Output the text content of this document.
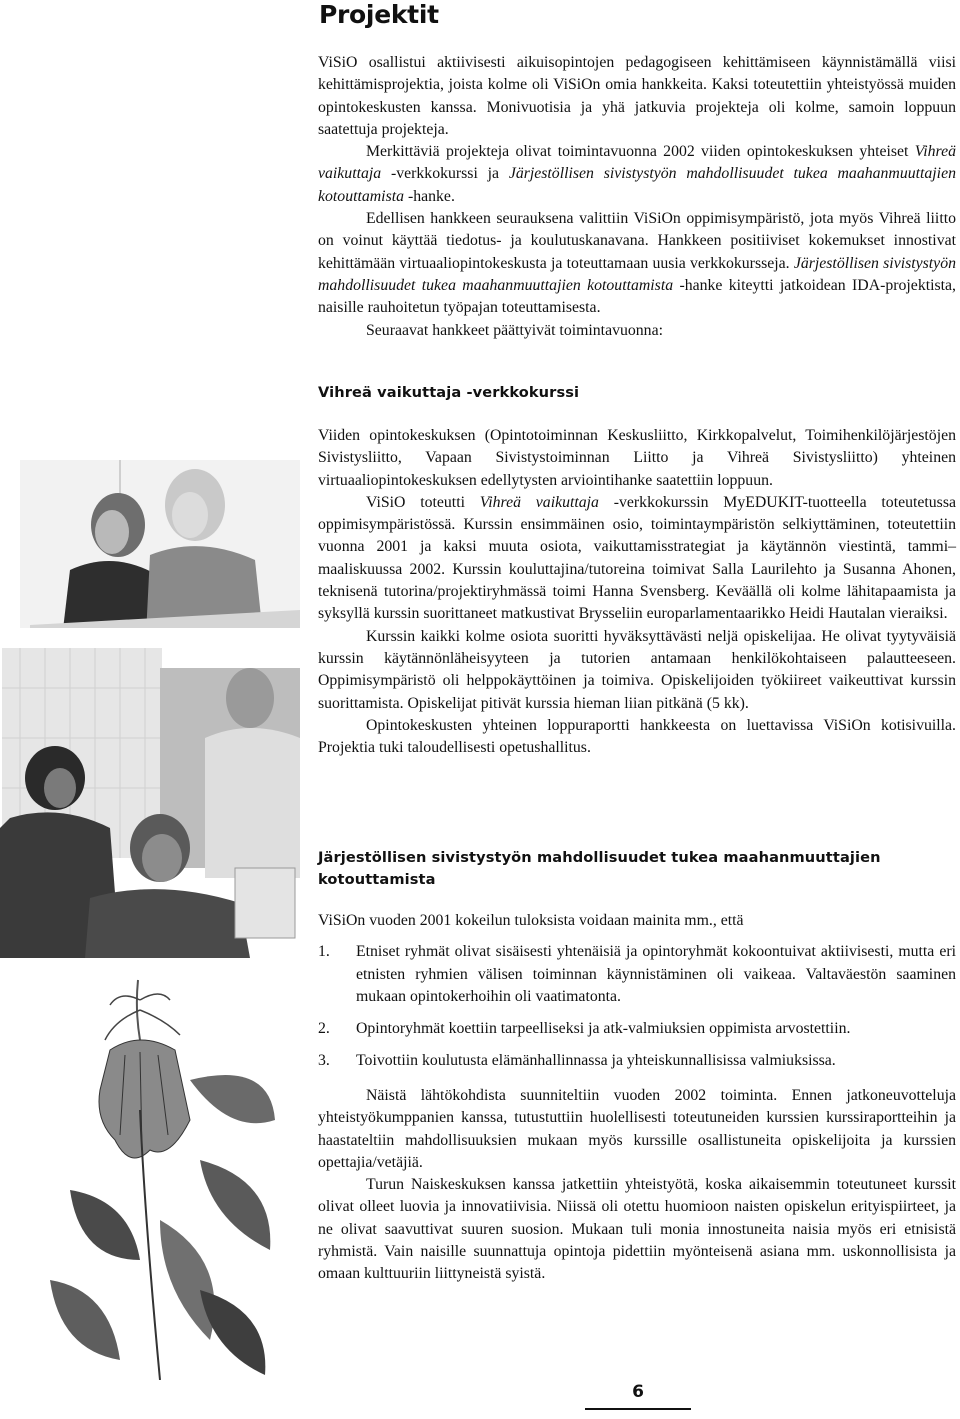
Projektit

ViSiO osallistui aktiivisesti aikuisopintojen pedagogiseen kehittämiseen käynnistämällä viisi kehittämisprojektia, joista kolme oli ViSiOn omia hankkeita. Kaksi toteutettiin yhteistyössä muiden opintokeskusten kanssa. Monivuotisia ja yhä jatkuvia projekteja oli kolme, samoin loppuun saatettuja projekteja.

Merkittäviä projekteja olivat toimintavuonna 2002 viiden opintokeskuksen yhteiset Vihreä vaikuttaja -verkkokurssi ja Järjestöllisen sivistystyön mahdollisuudet tukea maahanmuuttajien kotouttamista -hanke.

Edellisen hankkeen seurauksena valittiin ViSiOn oppimisympäristö, jota myös Vihreä liitto on voinut käyttää tiedotus- ja koulutuskanavana. Hankkeen positiiviset kokemukset innostivat kehittämään virtuaaliopintokeskusta ja toteuttamaan uusia verkkokursseja. Järjestöllisen sivistystyön mahdollisuudet tukea maahanmuuttajien kotouttamista -hanke kiteytti jatkoidean IDA-projektista, naisille rauhoitetun työpajan toteuttamisesta.

Seuraavat hankkeet päättyivät toimintavuonna:

Vihreä vaikuttaja -verkkokurssi

Viiden opintokeskuksen (Opintotoiminnan Keskusliitto, Kirkkopalvelut, Toimihenkilöjärjestöjen Sivistysliitto, Vapaan Sivistystoiminnan Liitto ja Vihreä Sivistysliitto) yhteinen virtuaaliopintokeskuksen edellytysten arviointihanke saatettiin loppuun.

ViSiO toteutti Vihreä vaikuttaja -verkkokurssin MyEDUKIT-tuotteella toteutetussa oppimisympäristössä. Kurssin ensimmäinen osio, toimintaympäristön selkiyttäminen, toteutettiin vuonna 2001 ja kaksi muuta osiota, vaikuttamisstrategiat ja käytännön viestintä, tammi–maaliskuussa 2002. Kurssin kouluttajina/tutoreina toimivat Salla Laurilehto ja Susanna Ahonen, teknisenä tutorina/projektiryhmässä toimi Hanna Svensberg. Keväällä oli kolme lähitapaamista ja syksyllä kurssin suorittaneet matkustivat Brysseliin europarlamentaarikko Heidi Hautalan vieraiksi.

Kurssin kaikki kolme osiota suoritti hyväksyttävästi neljä opiskelijaa. He olivat tyytyväisiä kurssin käytännönläheisyyteen ja tutorien antamaan henkilökohtaiseen palautteeseen. Oppimisympäristö oli helppokäyttöinen ja toimiva. Opiskelijoiden työkiireet vaikeuttivat kurssin suorittamista. Opiskelijat pitivät kurssia hieman liian pitkänä (5 kk).

Opintokeskusten yhteinen loppuraportti hankkeesta on luettavissa ViSiOn kotisivuilla. Projektia tuki taloudellisesti opetushallitus.

Järjestöllisen sivistystyön mahdollisuudet tukea maahanmuuttajien kotouttamista

ViSiOn vuoden 2001 kokeilun tuloksista voidaan mainita mm., että

1. Etniset ryhmät olivat sisäisesti yhtenäisiä ja opintoryhmät kokoontuivat aktiivisesti, mutta eri etnisten ryhmien välisen toiminnan käynnistäminen oli vaikeaa. Valtaväestön saaminen mukaan opintokerhoihin oli vaatimatonta.
2. Opintoryhmät koettiin tarpeelliseksi ja atk-valmiuksien oppimista arvostettiin.
3. Toivottiin koulutusta elämänhallinnassa ja yhteiskunnallisissa valmiuksissa.

Näistä lähtökohdista suunniteltiin vuoden 2002 toiminta. Ennen jatkoneuvotteluja yhteistyökumppanien kanssa, tutustuttiin huolellisesti toteutuneiden kurssien kurssiraportteihin ja haastateltiin mahdollisuuksien mukaan myös kurssille osallistuneita opiskelijoita ja kurssien opettajia/vetäjiä.

Turun Naiskeskuksen kanssa jatkettiin yhteistyötä, koska aikaisemmin toteutuneet kurssit olivat olleet luovia ja innovatiivisia. Niissä oli otettu huomioon naisten opiskelun erityispiirteet, ja ne olivat saavuttivat suuren suosion. Mukaan tuli monia innostuneita naisia myös eri etnisistä ryhmistä. Vain naisille suunnattuja opintoja pidettiin myönteisenä asiana mm. uskonnollisista ja omaan kulttuuriin liittyneistä syistä.

6
